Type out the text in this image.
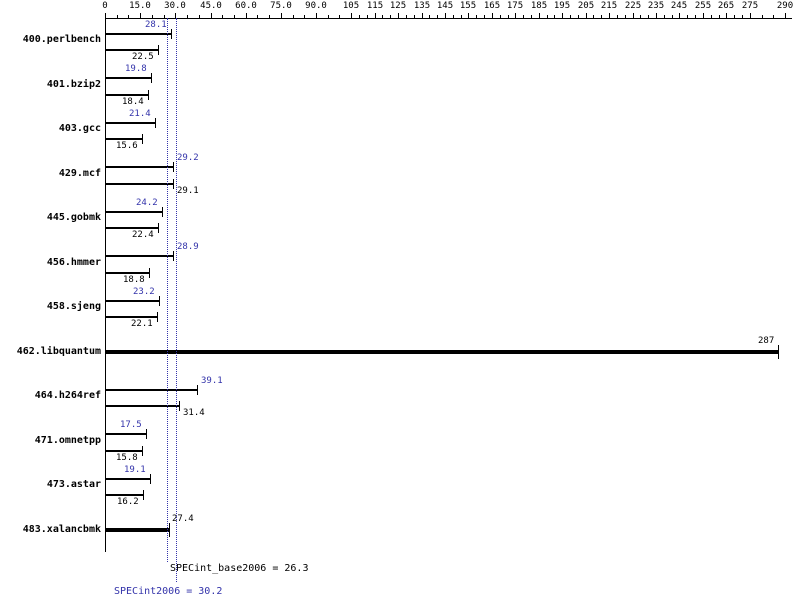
0	15.0	30.0	45.0	60.0	75.0	90.0	105 115 125 135 145 155 165 175 185 195 205 215 225 235 245 255 265 275	290
400.perlbench
28.1
22.5
401.bzip2
19.8
18.4
403.gcc
21.4
15.6
429.mcf
29.2
29.1
445.gobmk
24.2
22.4
456.hmmer
28.9
18.8
458.sjeng
23.2
22.1
462.libquantum
287
464.h264ref
39.1
31.4
471.omnetpp
17.5
15.8
473.astar
19.1
16.2
483.xalancbmk
27.4
SPECint_base2006 = 26.3
SPECint2006 = 30.2
